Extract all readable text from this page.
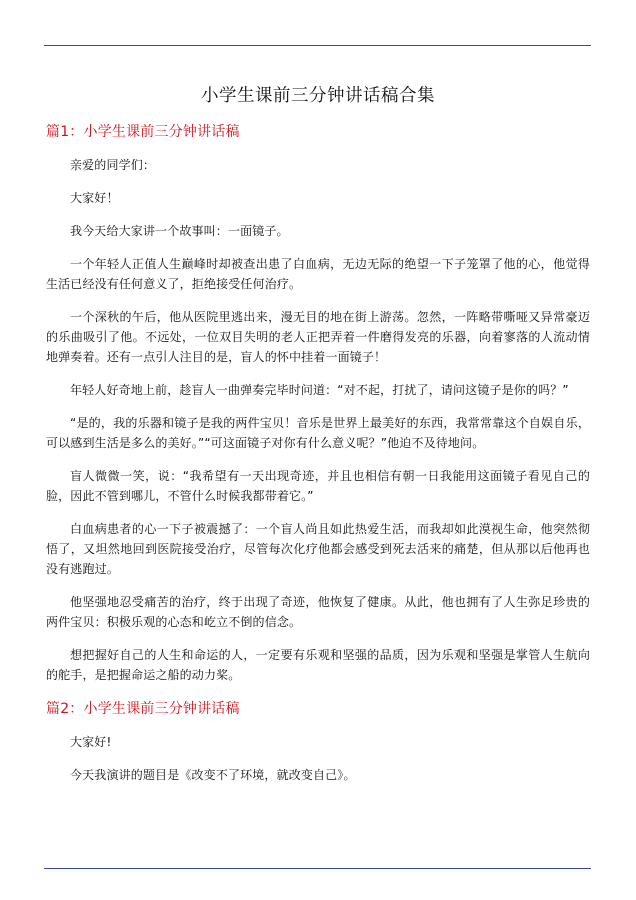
小学生课前三分钟讲话稿合集
篇1：小学生课前三分钟讲话稿

亲爱的同学们：

大家好！

我今天给大家讲一个故事叫：一面镜子。

一个年轻人正值人生巅峰时却被查出患了白血病，无边无际的绝望一下子笼罩了他的心，他觉得生活已经没有任何意义了，拒绝接受任何治疗。

一个深秋的午后，他从医院里逃出来，漫无目的地在街上游荡。忽然，一阵略带嘶哑又异常豪迈的乐曲吸引了他。不远处，一位双目失明的老人正把弄着一件磨得发亮的乐器，向着寥落的人流动情地弹奏着。还有一点引人注目的是，盲人的怀中挂着一面镜子！

年轻人好奇地上前，趁盲人一曲弹奏完毕时问道：“对不起，打扰了，请问这镜子是你的吗？”

“是的，我的乐器和镜子是我的两件宝贝！音乐是世界上最美好的东西，我常常靠这个自娱自乐，可以感到生活是多么的美好。”“可这面镜子对你有什么意义呢？”他迫不及待地问。

盲人微微一笑，说：“我希望有一天出现奇迹，并且也相信有朝一日我能用这面镜子看见自己的脸，因此不管到哪儿，不管什么时候我都带着它。”

白血病患者的心一下子被震撼了：一个盲人尚且如此热爱生活，而我却如此漠视生命，他突然彻悟了，又坦然地回到医院接受治疗，尽管每次化疗他都会感受到死去活来的痛楚，但从那以后他再也没有逃跑过。

他坚强地忍受痛苦的治疗，终于出现了奇迹，他恢复了健康。从此，他也拥有了人生弥足珍贵的两件宝贝：积极乐观的心态和屹立不倒的信念。

想把握好自己的人生和命运的人，一定要有乐观和坚强的品质，因为乐观和坚强是掌管人生航向的舵手，是把握命运之船的动力桨。

篇2：小学生课前三分钟讲话稿

大家好!

今天我演讲的题目是《改变不了环境，就改变自己》。
